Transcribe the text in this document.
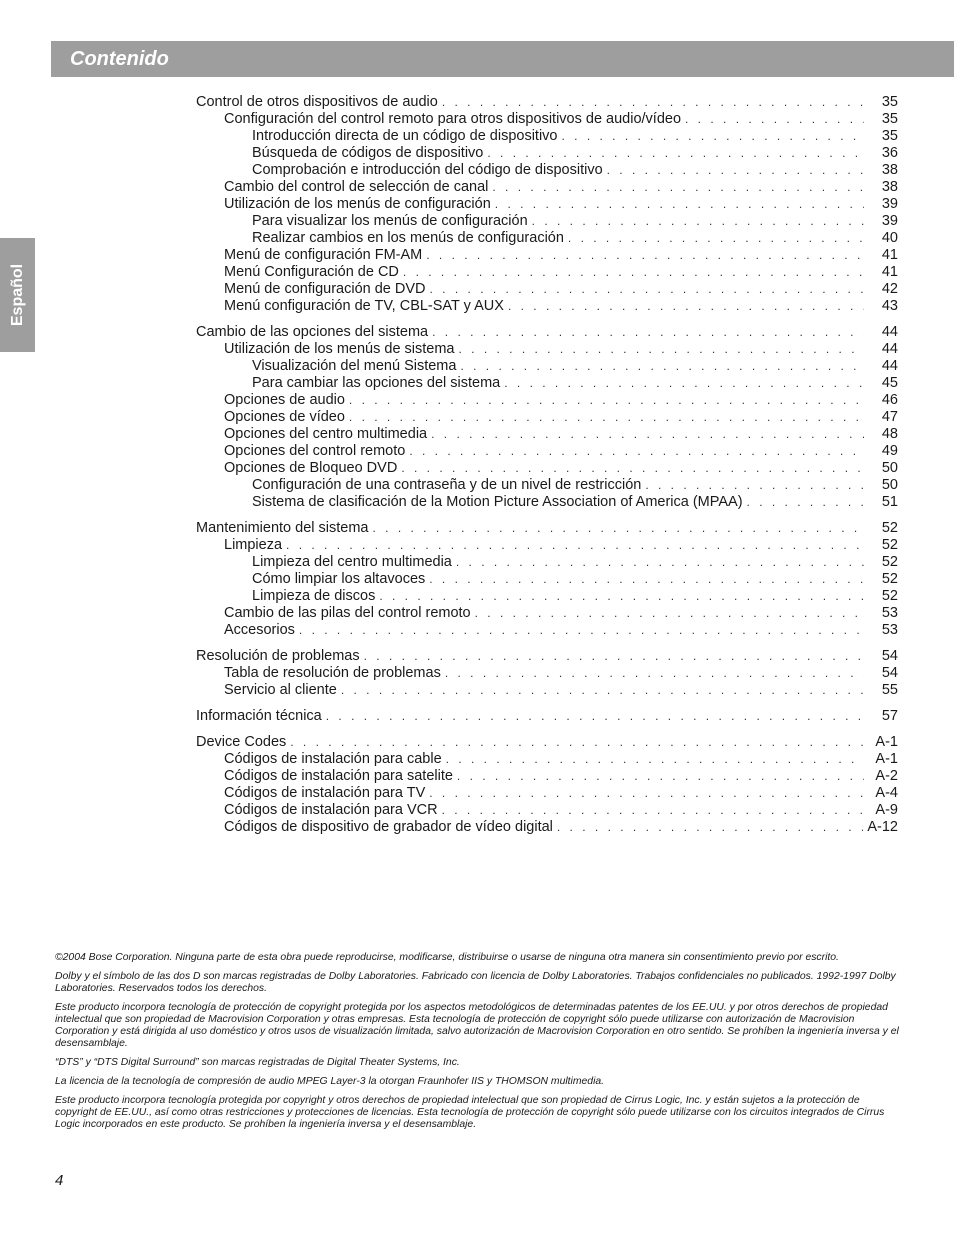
Contenido
Español
Control de otros dispositivos de audio . . .	35
Configuración del control remoto para otros dispositivos de audio/vídeo . . .	35
Introducción directa de un código de dispositivo . . .	35
Búsqueda de códigos de dispositivo . . .	36
Comprobación e introducción del código de dispositivo . . .	38
Cambio del control de selección de canal . . .	38
Utilización de los menús de configuración . . .	39
Para visualizar los menús de configuración . . .	39
Realizar cambios en los menús de configuración . . .	40
Menú de configuración FM-AM . . .	41
Menú Configuración de CD . . .	41
Menú de configuración de DVD . . .	42
Menú configuración de TV, CBL-SAT y AUX . . .	43
Cambio de las opciones del sistema . . .	44
Utilización de los menús de sistema . . .	44
Visualización del menú Sistema . . .	44
Para cambiar las opciones del sistema . . .	45
Opciones de audio . . .	46
Opciones de vídeo . . .	47
Opciones del centro multimedia . . .	48
Opciones del control remoto . . .	49
Opciones de Bloqueo DVD . . .	50
Configuración de una contraseña y de un nivel de restricción . . .	50
Sistema de clasificación de la Motion Picture Association of America (MPAA) . . .	51
Mantenimiento del sistema . . .	52
Limpieza . . .	52
Limpieza del centro multimedia . . .	52
Cómo limpiar los altavoces . . .	52
Limpieza de discos . . .	52
Cambio de las pilas del control remoto . . .	53
Accesorios . . .	53
Resolución de problemas . . .	54
Tabla de resolución de problemas . . .	54
Servicio al cliente . . .	55
Información técnica . . .	57
Device Codes . . .	A-1
Códigos de instalación para cable . . .	A-1
Códigos de instalación para satelite . . .	A-2
Códigos de instalación para TV . . .	A-4
Códigos de instalación para VCR . . .	A-9
Códigos de dispositivo de grabador de vídeo digital . . .	A-12

©2004 Bose Corporation. Ninguna parte de esta obra puede reproducirse, modificarse, distribuirse o usarse de ninguna otra manera sin consentimiento previo por escrito.

Dolby y el símbolo de las dos D son marcas registradas de Dolby Laboratories. Fabricado con licencia de Dolby Laboratories. Trabajos confidenciales no publicados. 1992-1997 Dolby Laboratories. Reservados todos los derechos.

Este producto incorpora tecnología de protección de copyright protegida por los aspectos metodológicos de determinadas patentes de los EE.UU. y por otros derechos de propiedad intelectual que son propiedad de Macrovision Corporation y otras empresas. Esta tecnología de protección de copyright sólo puede utilizarse con autorización de Macrovision Corporation y está dirigida al uso doméstico y otros usos de visualización limitada, salvo autorización de Macrovision Corporation en otro sentido. Se prohíben la ingeniería inversa y el desensamblaje.

“DTS” y “DTS Digital Surround” son marcas registradas de Digital Theater Systems, Inc.

La licencia de la tecnología de compresión de audio MPEG Layer-3 la otorgan Fraunhofer IIS y THOMSON multimedia.

Este producto incorpora tecnología protegida por copyright y otros derechos de propiedad intelectual que son propiedad de Cirrus Logic, Inc. y están sujetos a la protección de copyright de EE.UU., así como otras restricciones y protecciones de licencias. Esta tecnología de protección de copyright sólo puede utilizarse con los circuitos integrados de Cirrus Logic incorporados en este producto. Se prohíben la ingeniería inversa y el desensamblaje.

4
